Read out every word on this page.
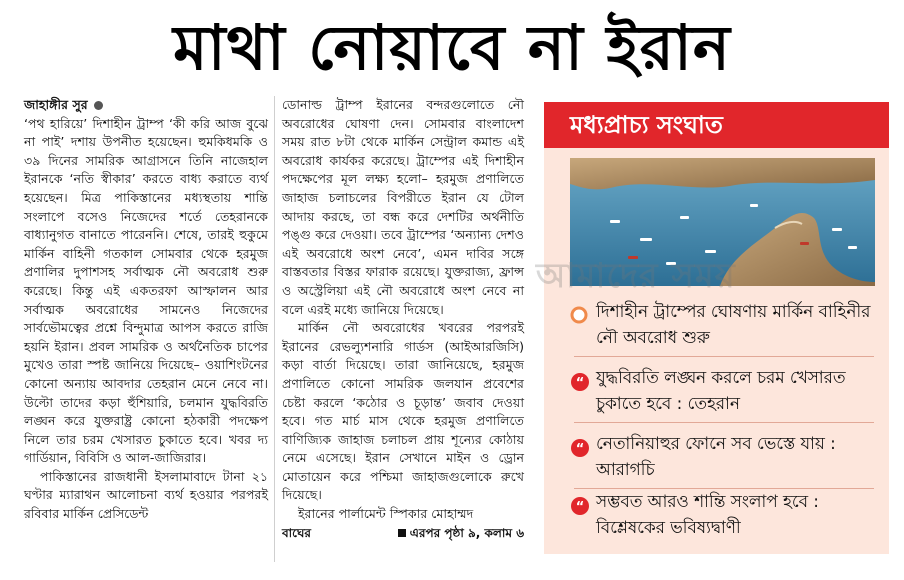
মাথা নোয়াবে না ইরান
জাহাঙ্গীর সুর

‘পথ হারিয়ে’ দিশাহীন ট্রাম্প ‘কী করি আজ বুঝে না পাই’ দশায় উপনীত হয়েছেন। হুমকিধমকি ও ৩৯ দিনের সামরিক আগ্রাসনে তিনি নাজেহাল ইরানকে ‘নতি স্বীকার’ করতে বাধ্য করাতে ব্যর্থ হয়েছেন। মিত্র পাকিস্তানের মধ্যস্থতায় শান্তি সংলাপে বসেও নিজেদের শর্তে তেহরানকে বাধ্যানুগত বানাতে পারেননি। শেষে, তারই হুকুমে মার্কিন বাহিনী গতকাল সোমবার থেকে হরমুজ প্রণালির দুপাশসহ সর্বাত্মক নৌ অবরোধ শুরু করেছে। কিন্তু এই একতরফা আস্ফালন আর সর্বাত্মক অবরোধের সামনেও নিজেদের সার্বভৌমত্বের প্রশ্নে বিন্দুমাত্র আপস করতে রাজি হয়নি ইরান। প্রবল সামরিক ও অর্থনৈতিক চাপের মুখেও তারা স্পষ্ট জানিয়ে দিয়েছে– ওয়াশিংটনের কোনো অন্যায় আবদার তেহরান মেনে নেবে না। উল্টো তাদের কড়া হুঁশিয়ারি, চলমান যুদ্ধবিরতি লঙ্ঘন করে যুক্তরাষ্ট্র কোনো হঠকারী পদক্ষেপ নিলে তার চরম খেসারত চুকাতে হবে। খবর দ্য গার্ডিয়ান, বিবিসি ও আল-জাজিরার।

পাকিস্তানের রাজধানী ইসলামাবাদে টানা ২১ ঘণ্টার ম্যারাথন আলোচনা ব্যর্থ হওয়ার পরপরই রবিবার মার্কিন প্রেসিডেন্ট

ডোনাল্ড ট্রাম্প ইরানের বন্দরগুলোতে নৌ অবরোধের ঘোষণা দেন। সোমবার বাংলাদেশ সময় রাত ৮টা থেকে মার্কিন সেন্ট্রাল কমান্ড এই অবরোধ কার্যকর করেছে। ট্রাম্পের এই দিশাহীন পদক্ষেপের মূল লক্ষ্য হলো– হরমুজ প্রণালিতে জাহাজ চলাচলের বিপরীতে ইরান যে টোল আদায় করছে, তা বন্ধ করে দেশটির অর্থনীতি পঙ্গু করে দেওয়া। তবে ট্রাম্পের ‘অন্যান্য দেশও এই অবরোধে অংশ নেবে’, এমন দাবির সঙ্গে বাস্তবতার বিস্তর ফারাক রয়েছে। যুক্তরাজ্য, ফ্রান্স ও অস্ট্রেলিয়া এই নৌ অবরোধে অংশ নেবে না বলে এরই মধ্যে জানিয়ে দিয়েছে।

মার্কিন নৌ অবরোধের খবরের পরপরই ইরানের রেভল্যুশনারি গার্ডস (আইআরজিসি) কড়া বার্তা দিয়েছে। তারা জানিয়েছে, হরমুজ প্রণালিতে কোনো সামরিক জলযান প্রবেশের চেষ্টা করলে ‘কঠোর ও চূড়ান্ত’ জবাব দেওয়া হবে। গত মার্চ মাস থেকে হরমুজ প্রণালিতে বাণিজ্যিক জাহাজ চলাচল প্রায় শূন্যের কোঠায় নেমে এসেছে। ইরান সেখানে মাইন ও ড্রোন মোতায়েন করে পশ্চিমা জাহাজগুলোকে রুখে দিয়েছে।

ইরানের পার্লামেন্ট স্পিকার মোহাম্মদ

বাঘের	এরপর পৃষ্ঠা ৯, কলাম ৬
মধ্যপ্রাচ্য সংঘাত
আমাদের সময়
দিশাহীন ট্রাম্পের ঘোষণায় মার্কিন বাহিনীর নৌ অবরোধ শুরু
“ যুদ্ধবিরতি লঙ্ঘন করলে চরম খেসারত চুকাতে হবে : তেহরান
“ নেতানিয়াহুর ফোনে সব ভেস্তে যায় : আরাগচি
“ সম্ভবত আরও শান্তি সংলাপ হবে : বিশ্লেষকের ভবিষ্যদ্বাণী
